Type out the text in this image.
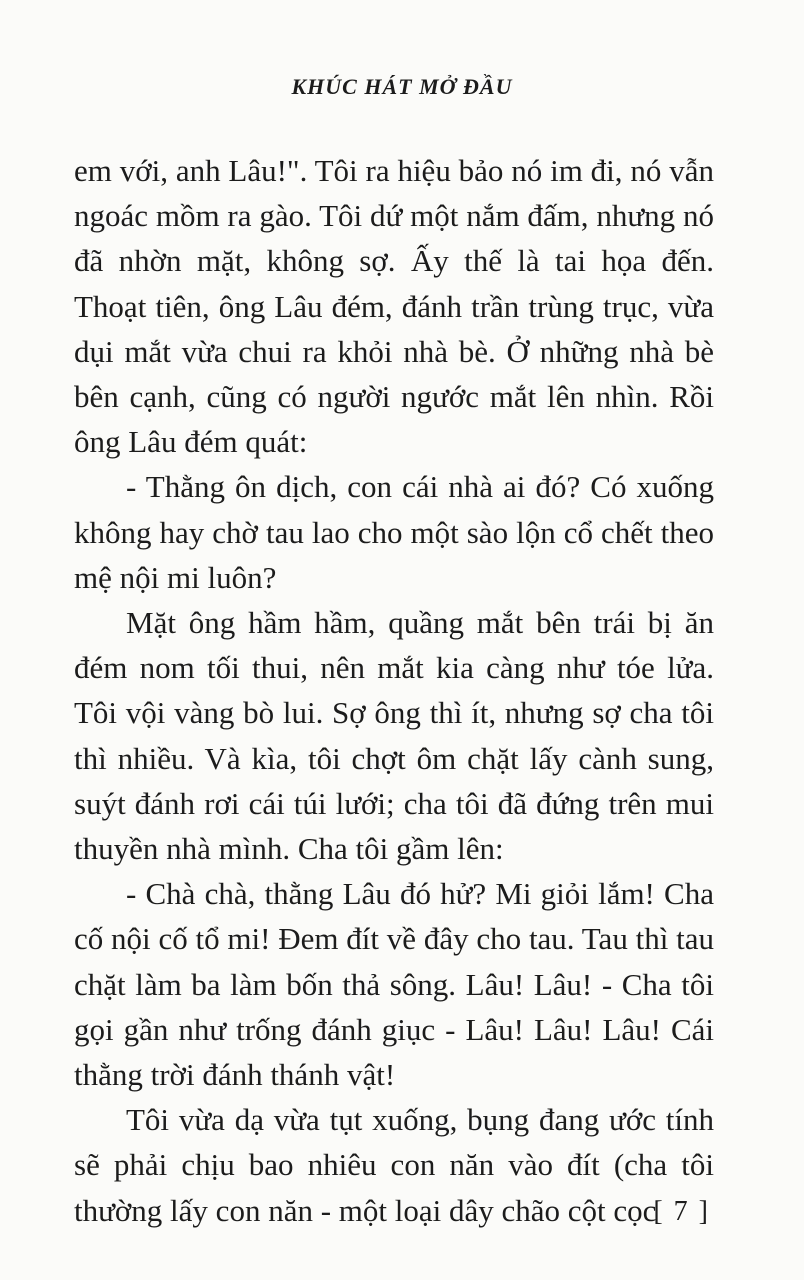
KHÚC HÁT MỞ ĐẦU

em với, anh Lâu!". Tôi ra hiệu bảo nó im đi, nó vẫn ngoác mồm ra gào. Tôi dứ một nắm đấm, nhưng nó đã nhờn mặt, không sợ. Ấy thế là tai họa đến. Thoạt tiên, ông Lâu đém, đánh trần trùng trục, vừa dụi mắt vừa chui ra khỏi nhà bè. Ở những nhà bè bên cạnh, cũng có người ngước mắt lên nhìn. Rồi ông Lâu đém quát:

- Thằng ôn dịch, con cái nhà ai đó? Có xuống không hay chờ tau lao cho một sào lộn cổ chết theo mệ nội mi luôn?

Mặt ông hầm hầm, quầng mắt bên trái bị ăn đém nom tối thui, nên mắt kia càng như tóe lửa. Tôi vội vàng bò lui. Sợ ông thì ít, nhưng sợ cha tôi thì nhiều. Và kìa, tôi chợt ôm chặt lấy cành sung, suýt đánh rơi cái túi lưới; cha tôi đã đứng trên mui thuyền nhà mình. Cha tôi gầm lên:

- Chà chà, thằng Lâu đó hử? Mi giỏi lắm! Cha cố nội cố tổ mi! Đem đít về đây cho tau. Tau thì tau chặt làm ba làm bốn thả sông. Lâu! Lâu! - Cha tôi gọi gần như trống đánh giục - Lâu! Lâu! Lâu! Cái thằng trời đánh thánh vật!

Tôi vừa dạ vừa tụt xuống, bụng đang ước tính sẽ phải chịu bao nhiêu con năn vào đít (cha tôi thường lấy con năn - một loại dây chão cột cọc

[ 7 ]
